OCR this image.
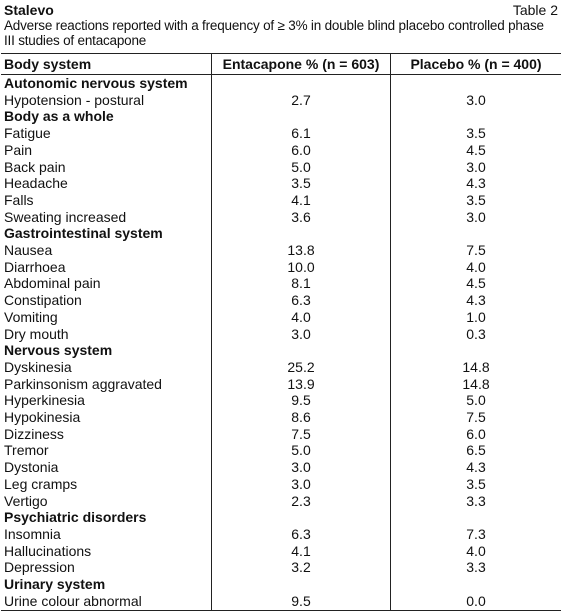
Stalevo	Table 2
Adverse reactions reported with a frequency of ≥ 3% in double blind placebo controlled phase III studies of entacapone
Body system	Entacapone % (n = 603)	Placebo % (n = 400)
Autonomic nervous system		
Hypotension - postural	2.7	3.0
Body as a whole		
Fatigue	6.1	3.5
Pain	6.0	4.5
Back pain	5.0	3.0
Headache	3.5	4.3
Falls	4.1	3.5
Sweating increased	3.6	3.0
Gastrointestinal system		
Nausea	13.8	7.5
Diarrhoea	10.0	4.0
Abdominal pain	8.1	4.5
Constipation	6.3	4.3
Vomiting	4.0	1.0
Dry mouth	3.0	0.3
Nervous system		
Dyskinesia	25.2	14.8
Parkinsonism aggravated	13.9	14.8
Hyperkinesia	9.5	5.0
Hypokinesia	8.6	7.5
Dizziness	7.5	6.0
Tremor	5.0	6.5
Dystonia	3.0	4.3
Leg cramps	3.0	3.5
Vertigo	2.3	3.3
Psychiatric disorders		
Insomnia	6.3	7.3
Hallucinations	4.1	4.0
Depression	3.2	3.3
Urinary system		
Urine colour abnormal	9.5	0.0
